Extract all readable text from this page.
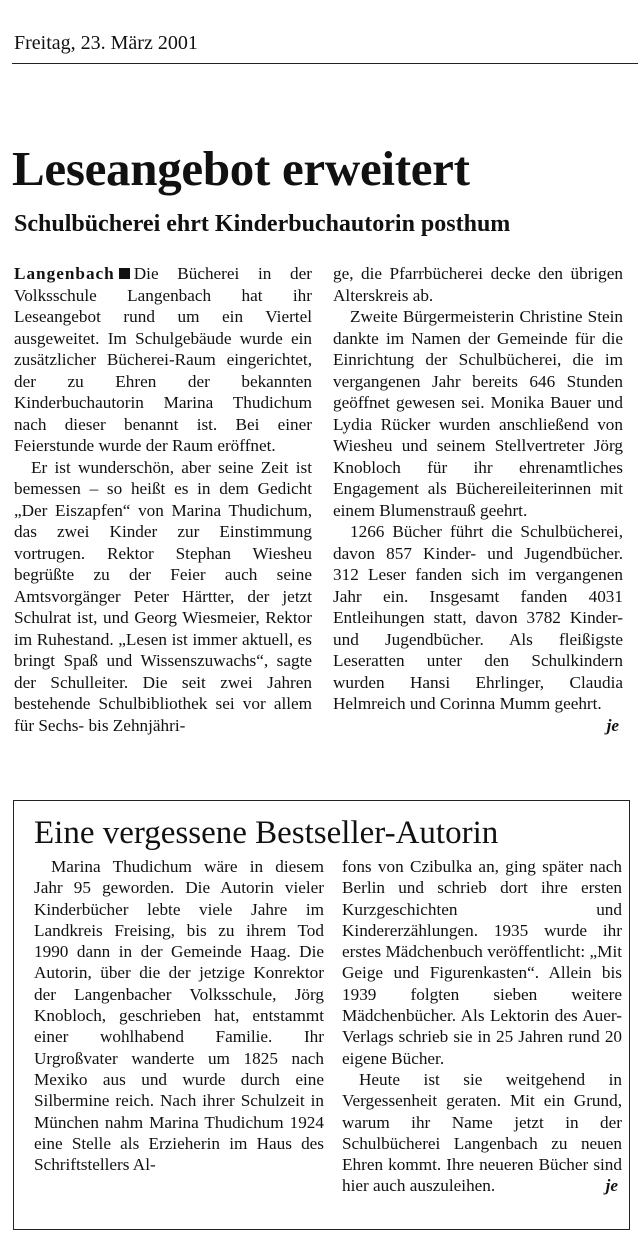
Freitag, 23. März 2001
Leseangebot erweitert
Schulbücherei ehrt Kinderbuchautorin posthum

Langenbach Die Bücherei in der Volksschule Langenbach hat ihr Leseangebot rund um ein Viertel ausgeweitet. Im Schulgebäude wurde ein zusätzlicher Bücherei-Raum eingerichtet, der zu Ehren der bekannten Kinderbuchautorin Marina Thudichum nach dieser benannt ist. Bei einer Feierstunde wurde der Raum eröffnet.

Er ist wunderschön, aber seine Zeit ist bemessen – so heißt es in dem Gedicht „Der Eiszapfen“ von Marina Thudichum, das zwei Kinder zur Einstimmung vortrugen. Rektor Stephan Wiesheu begrüßte zu der Feier auch seine Amtsvorgänger Peter Härtter, der jetzt Schulrat ist, und Georg Wiesmeier, Rektor im Ruhestand. „Lesen ist immer aktuell, es bringt Spaß und Wissenszuwachs“, sagte der Schulleiter. Die seit zwei Jahren bestehende Schulbibliothek sei vor allem für Sechs- bis Zehnjähri-

ge, die Pfarrbücherei decke den übrigen Alterskreis ab.

Zweite Bürgermeisterin Christine Stein dankte im Namen der Gemeinde für die Einrichtung der Schulbücherei, die im vergangenen Jahr bereits 646 Stunden geöffnet gewesen sei. Monika Bauer und Lydia Rücker wurden anschließend von Wiesheu und seinem Stellvertreter Jörg Knobloch für ihr ehrenamtliches Engagement als Büchereileiterinnen mit einem Blumenstrauß geehrt.

1266 Bücher führt die Schulbücherei, davon 857 Kinder- und Jugendbücher. 312 Leser fanden sich im vergangenen Jahr ein. Insgesamt fanden 4031 Entleihungen statt, davon 3782 Kinder- und Jugendbücher. Als fleißigste Leseratten unter den Schulkindern wurden Hansi Ehrlinger, Claudia Helmreich und Corinna Mumm geehrt.
je

Eine vergessene Bestseller-Autorin

Marina Thudichum wäre in diesem Jahr 95 geworden. Die Autorin vieler Kinderbücher lebte viele Jahre im Landkreis Freising, bis zu ihrem Tod 1990 dann in der Gemeinde Haag. Die Autorin, über die der jetzige Konrektor der Langenbacher Volksschule, Jörg Knobloch, geschrieben hat, entstammt einer wohlhabend Familie. Ihr Urgroßvater wanderte um 1825 nach Mexiko aus und wurde durch eine Silbermine reich. Nach ihrer Schulzeit in München nahm Marina Thudichum 1924 eine Stelle als Erzieherin im Haus des Schriftstellers Al-

fons von Czibulka an, ging später nach Berlin und schrieb dort ihre ersten Kurzgeschichten und Kindererzählungen. 1935 wurde ihr erstes Mädchenbuch veröffentlicht: „Mit Geige und Figurenkasten“. Allein bis 1939 folgten sieben weitere Mädchenbücher. Als Lektorin des Auer-Verlags schrieb sie in 25 Jahren rund 20 eigene Bücher.

Heute ist sie weitgehend in Vergessenheit geraten. Mit ein Grund, warum ihr Name jetzt in der Schulbücherei Langenbach zu neuen Ehren kommt. Ihre neueren Bücher sind hier auch auszuleihen.	je
